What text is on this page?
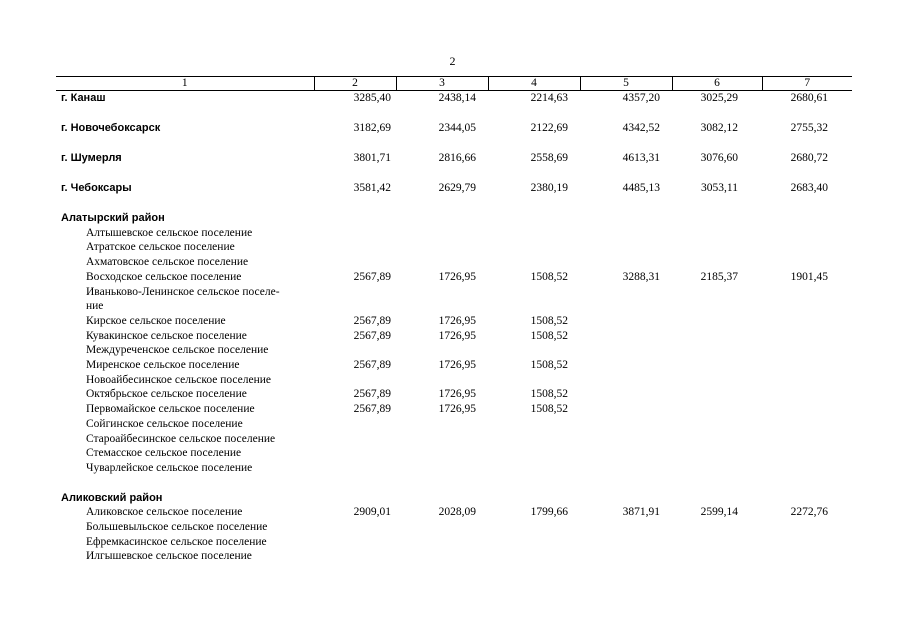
2
1	2	3	4	5	6	7
г. Канаш	3285,40	2438,14	2214,63	4357,20	3025,29	2680,61

г. Новочебоксарск	3182,69	2344,05	2122,69	4342,52	3082,12	2755,32

г. Шумерля	3801,71	2816,66	2558,69	4613,31	3076,60	2680,72

г. Чебоксары	3581,42	2629,79	2380,19	4485,13	3053,11	2683,40

Алатырский район						
Алтышевское сельское поселение						
Атратское сельское поселение						
Ахматовское сельское поселение						
Восходское сельское поселение	2567,89	1726,95	1508,52	3288,31	2185,37	1901,45
Иваньково-Ленинское сельское поселе-						
ние						
Кирское сельское поселение	2567,89	1726,95	1508,52			
Кувакинское сельское поселение	2567,89	1726,95	1508,52			
Междуреченское сельское поселение						
Миренское сельское поселение	2567,89	1726,95	1508,52			
Новоайбесинское сельское поселение						
Октябрьское сельское поселение	2567,89	1726,95	1508,52			
Первомайское сельское поселение	2567,89	1726,95	1508,52			
Сойгинское сельское поселение						
Староайбесинское сельское поселение						
Стемасское сельское поселение						
Чуварлейское сельское поселение						

Аликовский район						
Аликовское сельское поселение	2909,01	2028,09	1799,66	3871,91	2599,14	2272,76
Большевыльское сельское поселение						
Ефремкасинское сельское поселение						
Илгышевское сельское поселение						
